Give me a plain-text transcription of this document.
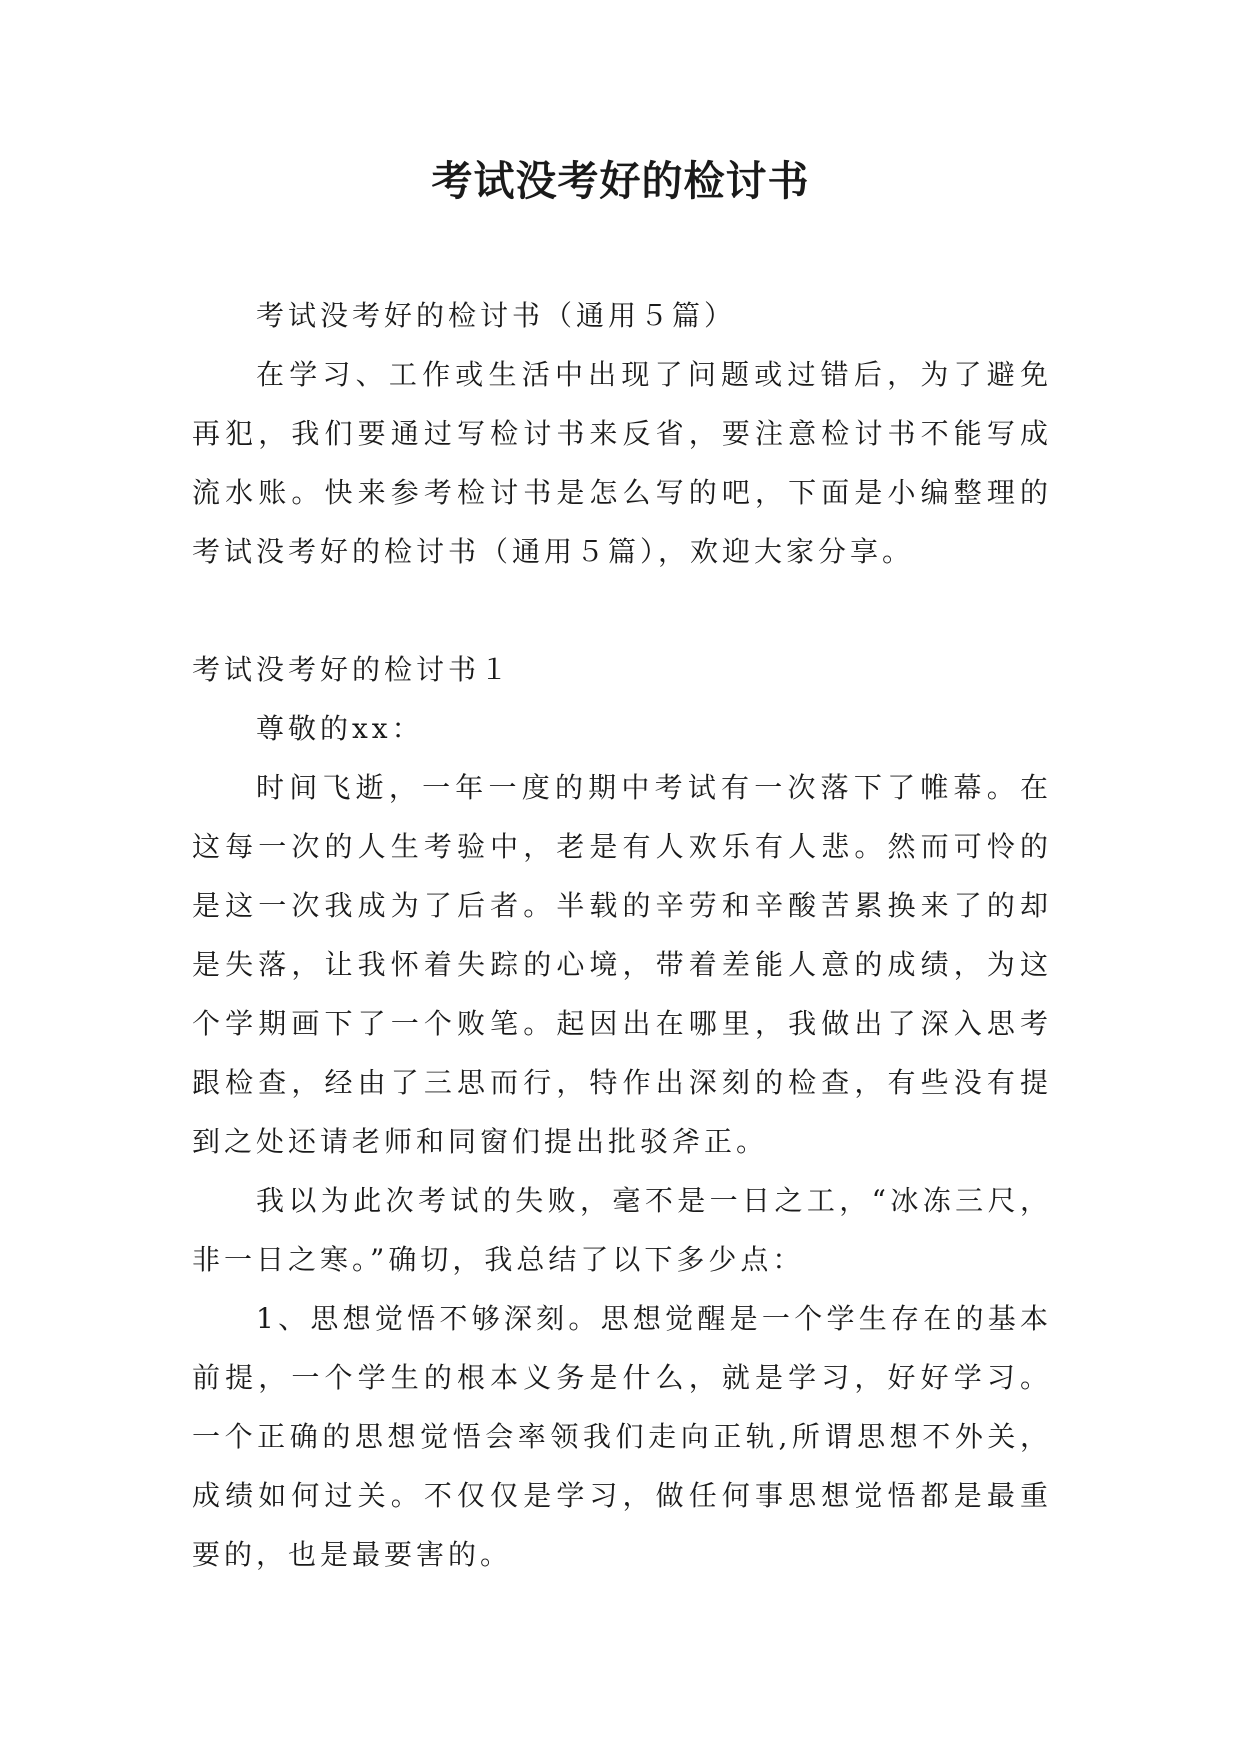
考试没考好的检讨书

考试没考好的检讨书（通用５篇）

在学习、工作或生活中出现了问题或过错后，为了避免再犯，我们要通过写检讨书来反省，要注意检讨书不能写成流水账。快来参考检讨书是怎么写的吧，下面是小编整理的考试没考好的检讨书（通用５篇），欢迎大家分享。

考试没考好的检讨书１

尊敬的xx：

时间飞逝，一年一度的期中考试有一次落下了帷幕。在这每一次的人生考验中，老是有人欢乐有人悲。然而可怜的是这一次我成为了后者。半载的辛劳和辛酸苦累换来了的却是失落，让我怀着失踪的心境，带着差能人意的成绩，为这个学期画下了一个败笔。起因出在哪里，我做出了深入思考跟检查，经由了三思而行，特作出深刻的检查，有些没有提到之处还请老师和同窗们提出批驳斧正。

我以为此次考试的失败，毫不是一日之工，“冰冻三尺，非一日之寒。”确切，我总结了以下多少点：

1、思想觉悟不够深刻。思想觉醒是一个学生存在的基本前提，一个学生的根本义务是什么，就是学习，好好学习。一个正确的思想觉悟会率领我们走向正轨,所谓思想不外关，成绩如何过关。不仅仅是学习，做任何事思想觉悟都是最重要的，也是最要害的。
